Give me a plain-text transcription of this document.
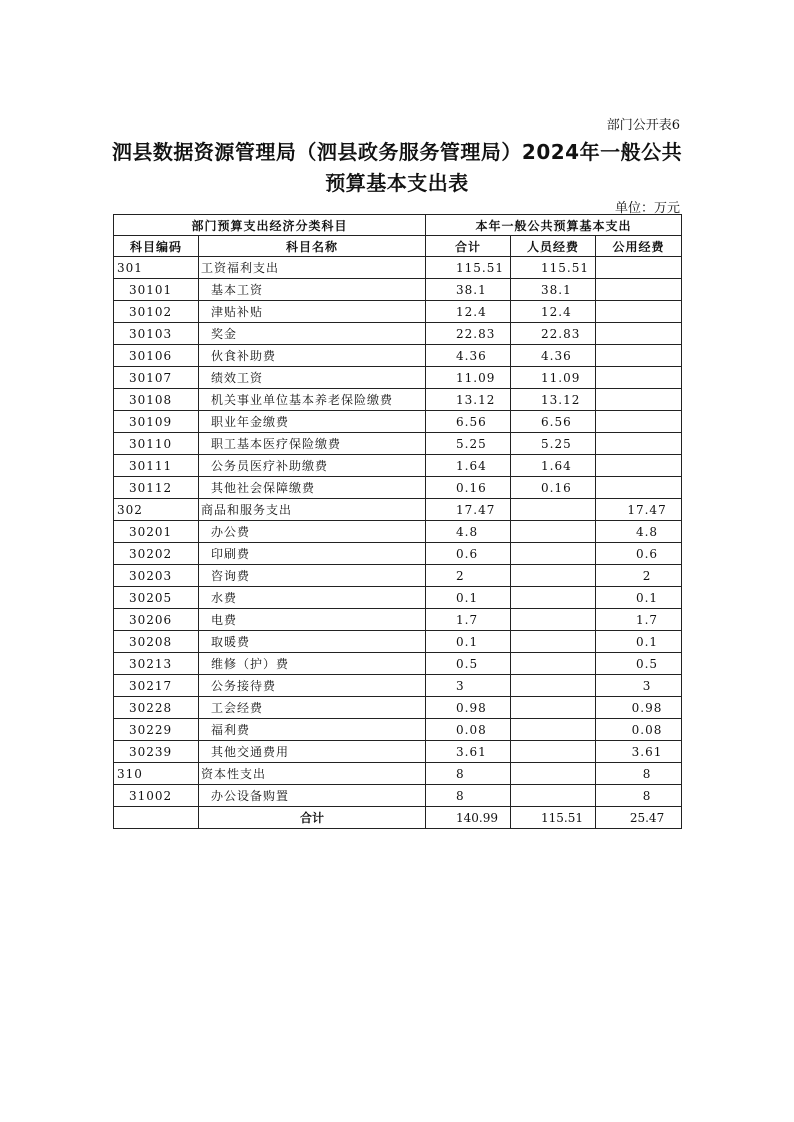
部门公开表6
泗县数据资源管理局（泗县政务服务管理局）2024年一般公共
预算基本支出表
单位：万元
部门预算支出经济分类科目		本年一般公共预算基本支出		
科目编码	科目名称	合计	人员经费	公用经费
301	工资福利支出	115.51	115.51	
30101	基本工资	38.1	38.1	
30102	津贴补贴	12.4	12.4	
30103	奖金	22.83	22.83	
30106	伙食补助费	4.36	4.36	
30107	绩效工资	11.09	11.09	
30108	机关事业单位基本养老保险缴费	13.12	13.12	
30109	职业年金缴费	6.56	6.56	
30110	职工基本医疗保险缴费	5.25	5.25	
30111	公务员医疗补助缴费	1.64	1.64	
30112	其他社会保障缴费	0.16	0.16	
302	商品和服务支出	17.47		17.47
30201	办公费	4.8		4.8
30202	印刷费	0.6		0.6
30203	咨询费	2		2
30205	水费	0.1		0.1
30206	电费	1.7		1.7
30208	取暖费	0.1		0.1
30213	维修（护）费	0.5		0.5
30217	公务接待费	3		3
30228	工会经费	0.98		0.98
30229	福利费	0.08		0.08
30239	其他交通费用	3.61		3.61
310	资本性支出	8		8
31002	办公设备购置	8		8
	合计	140.99	115.51	25.47
